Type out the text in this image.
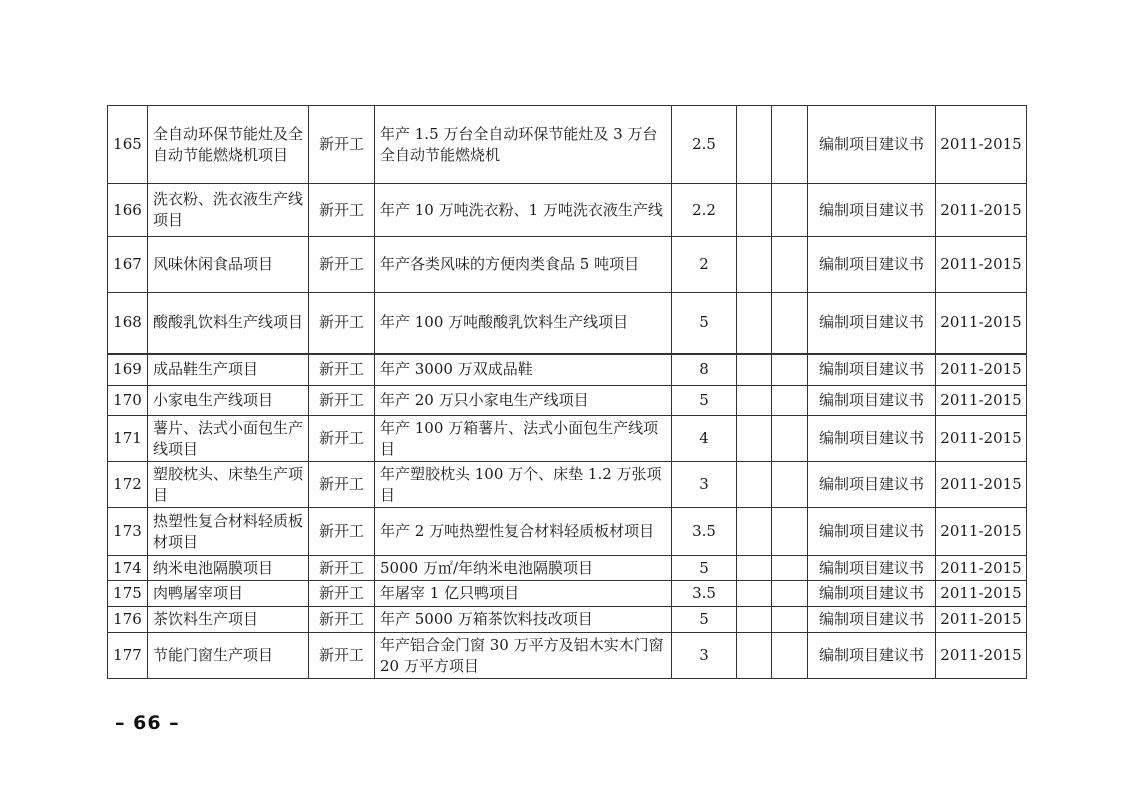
165	全自动环保节能灶及全自动节能燃烧机项目	新开工	年产 1.5 万台全自动环保节能灶及 3 万台全自动节能燃烧机	2.5			编制项目建议书	2011-2015
166	洗衣粉、洗衣液生产线项目	新开工	年产 10 万吨洗衣粉、1 万吨洗衣液生产线	2.2			编制项目建议书	2011-2015
167	风味休闲食品项目	新开工	年产各类风味的方便肉类食品 5 吨项目	2			编制项目建议书	2011-2015
168	酸酸乳饮料生产线项目	新开工	年产 100 万吨酸酸乳饮料生产线项目	5			编制项目建议书	2011-2015
169	成品鞋生产项目	新开工	年产 3000 万双成品鞋	8			编制项目建议书	2011-2015
170	小家电生产线项目	新开工	年产 20 万只小家电生产线项目	5			编制项目建议书	2011-2015
171	薯片、法式小面包生产线项目	新开工	年产 100 万箱薯片、法式小面包生产线项目	4			编制项目建议书	2011-2015
172	塑胶枕头、床垫生产项目	新开工	年产塑胶枕头 100 万个、床垫 1.2 万张项目	3			编制项目建议书	2011-2015
173	热塑性复合材料轻质板材项目	新开工	年产 2 万吨热塑性复合材料轻质板材项目	3.5			编制项目建议书	2011-2015
174	纳米电池隔膜项目	新开工	5000 万㎡/年纳米电池隔膜项目	5			编制项目建议书	2011-2015
175	肉鸭屠宰项目	新开工	年屠宰 1 亿只鸭项目	3.5			编制项目建议书	2011-2015
176	茶饮料生产项目	新开工	年产 5000 万箱茶饮料技改项目	5			编制项目建议书	2011-2015
177	节能门窗生产项目	新开工	年产铝合金门窗 30 万平方及铝木实木门窗 20 万平方项目	3			编制项目建议书	2011-2015
– 66 –
